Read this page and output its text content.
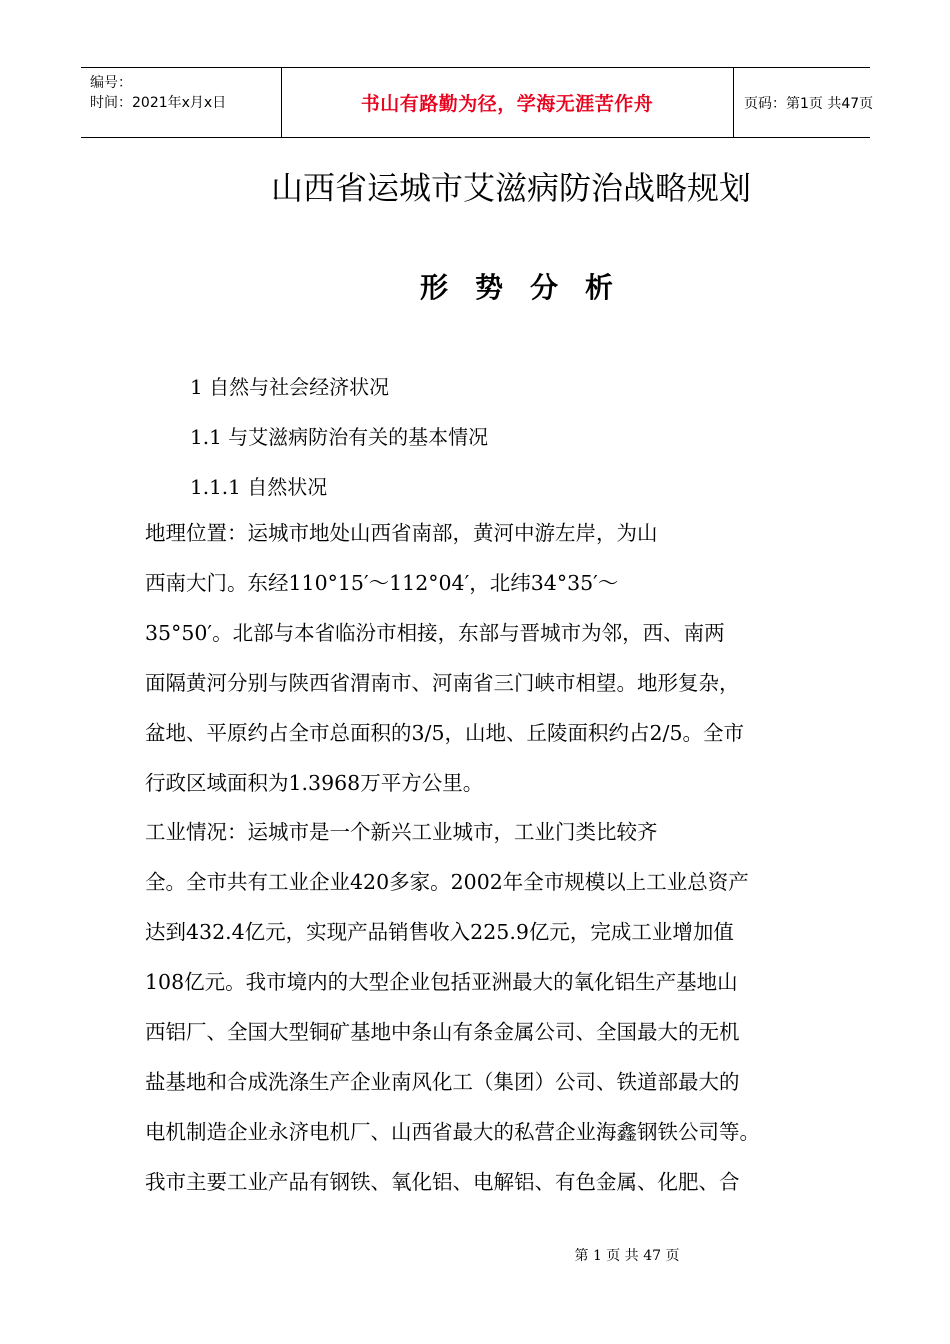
编号：
时间：2021年x月x日	书山有路勤为径，学海无涯苦作舟	页码：第1页 共47页
山西省运城市艾滋病防治战略规划
形势分析
1 自然与社会经济状况
1.1 与艾滋病防治有关的基本情况
1.1.1 自然状况
地理位置：运城市地处山西省南部，黄河中游左岸，为山
西南大门。东经110°15′～112°04′，北纬34°35′～
35°50′。北部与本省临汾市相接，东部与晋城市为邻，西、南两
面隔黄河分别与陕西省渭南市、河南省三门峡市相望。地形复杂，
盆地、平原约占全市总面积的3/5，山地、丘陵面积约占2/5。全市
行政区域面积为1.3968万平方公里。
工业情况：运城市是一个新兴工业城市，工业门类比较齐
全。全市共有工业企业420多家。2002年全市规模以上工业总资产
达到432.4亿元，实现产品销售收入225.9亿元，完成工业增加值
108亿元。我市境内的大型企业包括亚洲最大的氧化铝生产基地山
西铝厂、全国大型铜矿基地中条山有条金属公司、全国最大的无机
盐基地和合成洗涤生产企业南风化工（集团）公司、铁道部最大的
电机制造企业永济电机厂、山西省最大的私营企业海鑫钢铁公司等。
我市主要工业产品有钢铁、氧化铝、电解铝、有色金属、化肥、合
第 1 页 共 47 页
